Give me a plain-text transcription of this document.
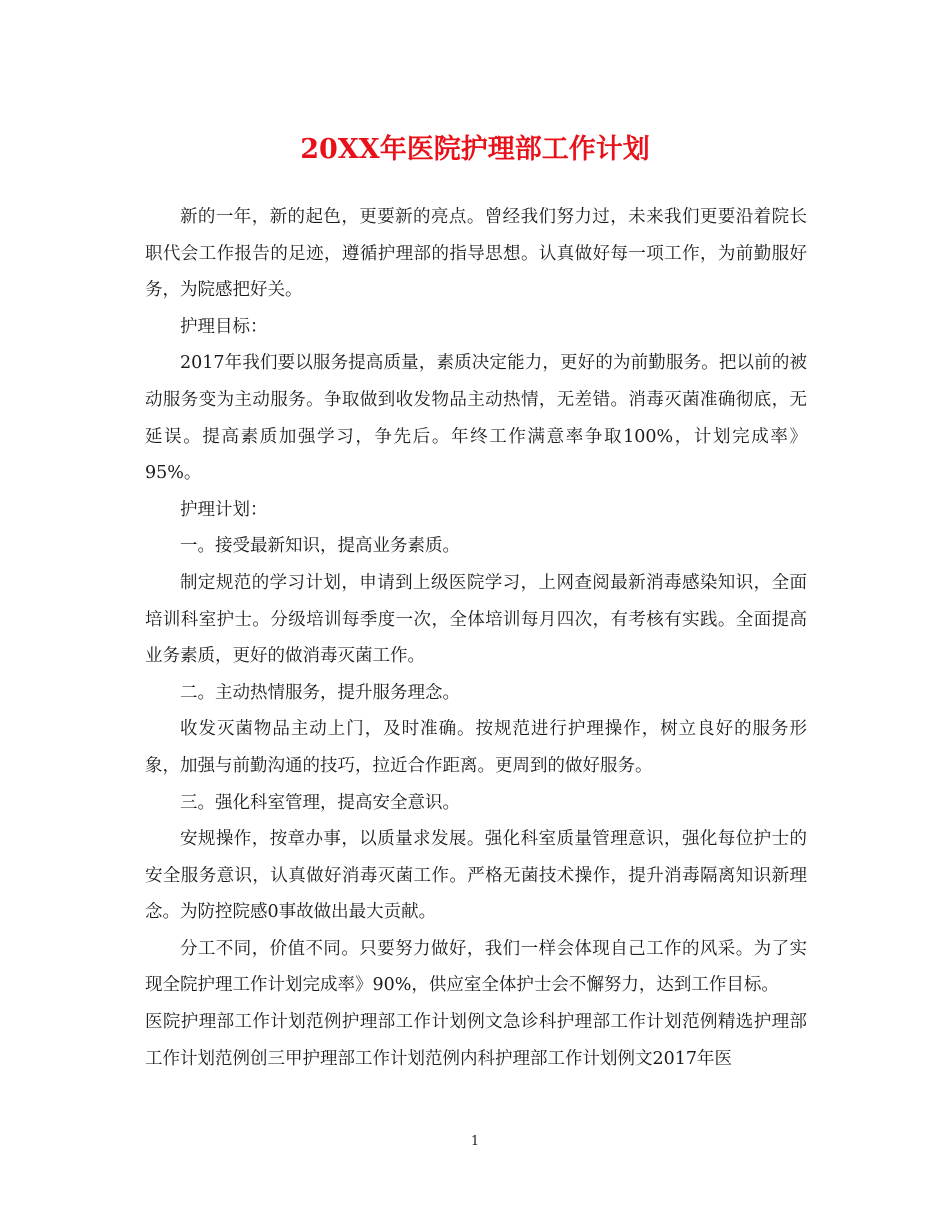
20XX年医院护理部工作计划

新的一年，新的起色，更要新的亮点。曾经我们努力过，未来我们更要沿着院长职代会工作报告的足迹，遵循护理部的指导思想。认真做好每一项工作，为前勤服好务，为院感把好关。

护理目标：

2017年我们要以服务提高质量，素质决定能力，更好的为前勤服务。把以前的被动服务变为主动服务。争取做到收发物品主动热情，无差错。消毒灭菌准确彻底，无延误。提高素质加强学习，争先后。年终工作满意率争取100%，计划完成率》95%。

护理计划：

一。接受最新知识，提高业务素质。

制定规范的学习计划，申请到上级医院学习，上网查阅最新消毒感染知识，全面培训科室护士。分级培训每季度一次，全体培训每月四次，有考核有实践。全面提高业务素质，更好的做消毒灭菌工作。

二。主动热情服务，提升服务理念。

收发灭菌物品主动上门，及时准确。按规范进行护理操作，树立良好的服务形象，加强与前勤沟通的技巧，拉近合作距离。更周到的做好服务。

三。强化科室管理，提高安全意识。

安规操作，按章办事，以质量求发展。强化科室质量管理意识，强化每位护士的安全服务意识，认真做好消毒灭菌工作。严格无菌技术操作，提升消毒隔离知识新理念。为防控院感0事故做出最大贡献。

分工不同，价值不同。只要努力做好，我们一样会体现自己工作的风采。为了实现全院护理工作计划完成率》90%，供应室全体护士会不懈努力，达到工作目标。

医院护理部工作计划范例护理部工作计划例文急诊科护理部工作计划范例精选护理部工作计划范例创三甲护理部工作计划范例内科护理部工作计划例文2017年医

1
